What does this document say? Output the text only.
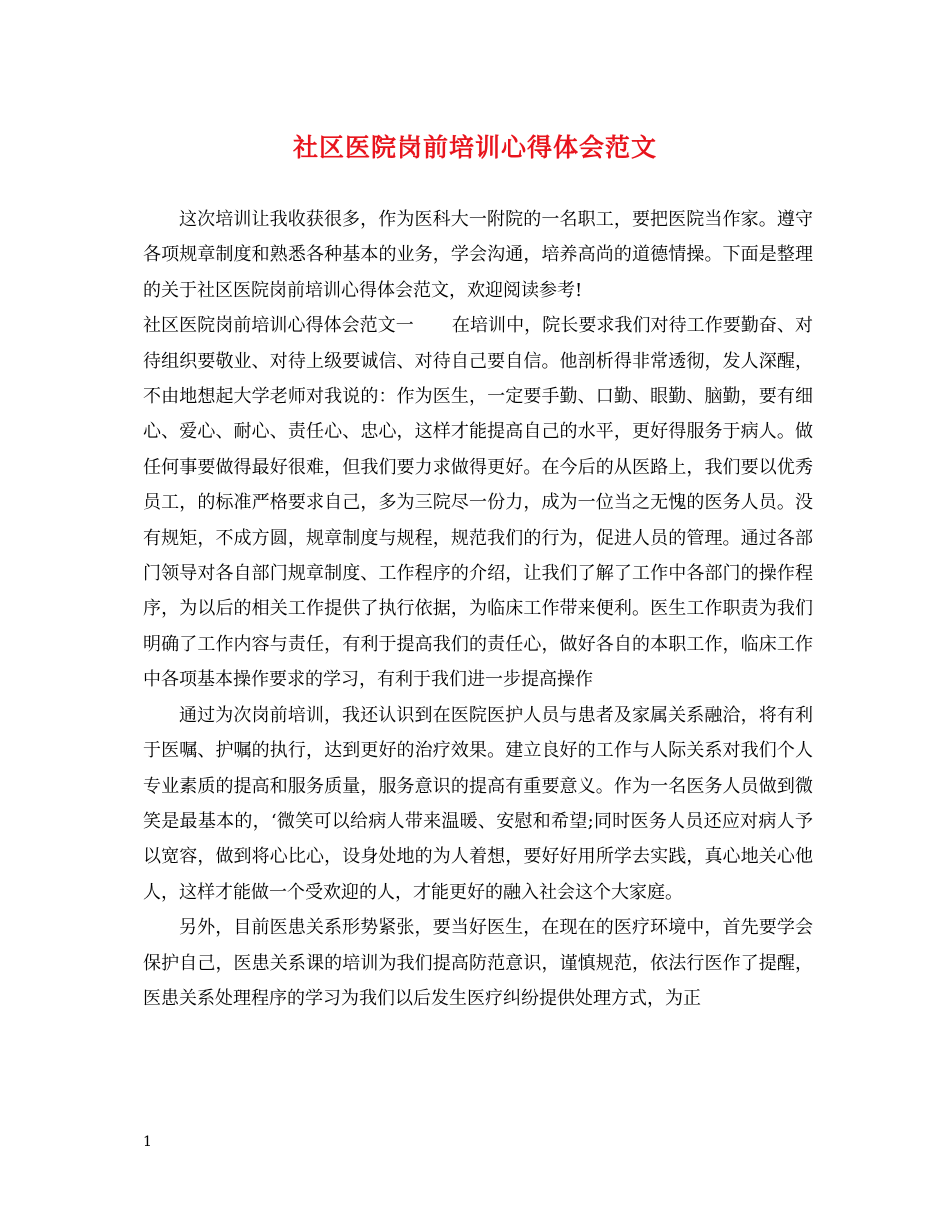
社区医院岗前培训心得体会范文

这次培训让我收获很多，作为医科大一附院的一名职工，要把医院当作家。遵守各项规章制度和熟悉各种基本的业务，学会沟通，培养高尚的道德情操。下面是整理的关于社区医院岗前培训心得体会范文，欢迎阅读参考!

社区医院岗前培训心得体会范文一 在培训中，院长要求我们对待工作要勤奋、对待组织要敬业、对待上级要诚信、对待自己要自信。他剖析得非常透彻，发人深醒，不由地想起大学老师对我说的：作为医生，一定要手勤、口勤、眼勤、脑勤，要有细心、爱心、耐心、责任心、忠心，这样才能提高自己的水平，更好得服务于病人。做任何事要做得最好很难，但我们要力求做得更好。在今后的从医路上，我们要以优秀员工，的标准严格要求自己，多为三院尽一份力，成为一位当之无愧的医务人员。没有规矩，不成方圆，规章制度与规程，规范我们的行为，促进人员的管理。通过各部门领导对各自部门规章制度、工作程序的介绍，让我们了解了工作中各部门的操作程序，为以后的相关工作提供了执行依据，为临床工作带来便利。医生工作职责为我们明确了工作内容与责任，有利于提高我们的责任心，做好各自的本职工作，临床工作中各项基本操作要求的学习，有利于我们进一步提高操作

通过为次岗前培训，我还认识到在医院医护人员与患者及家属关系融洽，将有利于医嘱、护嘱的执行，达到更好的治疗效果。建立良好的工作与人际关系对我们个人专业素质的提高和服务质量，服务意识的提高有重要意义。作为一名医务人员做到微笑是最基本的，‘微笑可以给病人带来温暖、安慰和希望;同时医务人员还应对病人予以宽容，做到将心比心，设身处地的为人着想，要好好用所学去实践，真心地关心他人，这样才能做一个受欢迎的人，才能更好的融入社会这个大家庭。

另外，目前医患关系形势紧张，要当好医生，在现在的医疗环境中，首先要学会保护自己，医患关系课的培训为我们提高防范意识，谨慎规范，依法行医作了提醒，医患关系处理程序的学习为我们以后发生医疗纠纷提供处理方式，为正

1
